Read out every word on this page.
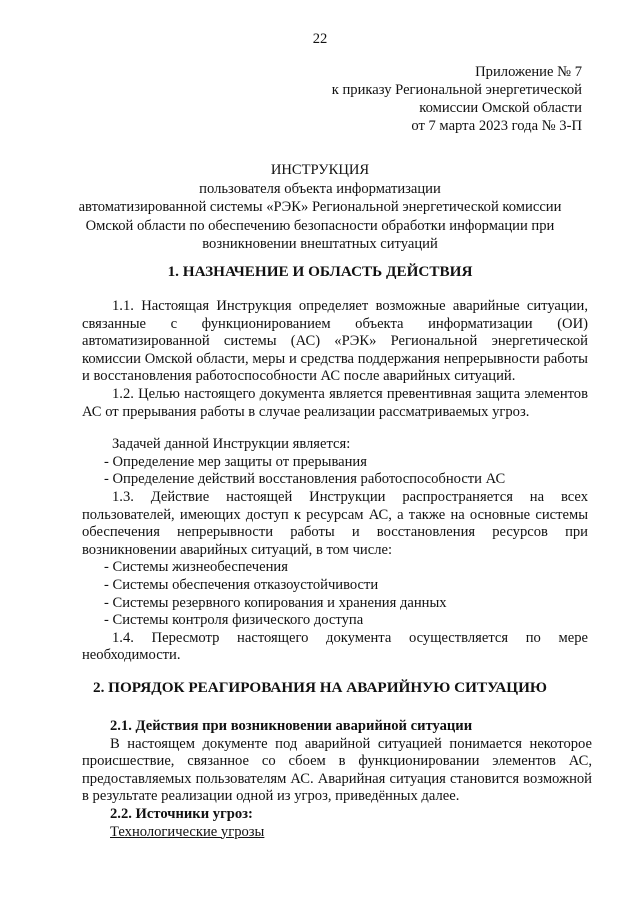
22
Приложение № 7
к приказу Региональной энергетической
комиссии Омской области
от 7 марта 2023 года № 3-П
ИНСТРУКЦИЯ
пользователя объекта информатизации
автоматизированной системы «РЭК» Региональной энергетической комиссии
Омской области по обеспечению безопасности обработки информации при
возникновении внештатных ситуаций
1. НАЗНАЧЕНИЕ И ОБЛАСТЬ ДЕЙСТВИЯ

1.1. Настоящая Инструкция определяет возможные аварийные ситуации, связанные с функционированием объекта информатизации (ОИ) автоматизированной системы (АС) «РЭК» Региональной энергетической комиссии Омской области, меры и средства поддержания непрерывности работы и восстановления работоспособности АС после аварийных ситуаций.

1.2. Целью настоящего документа является превентивная защита элементов АС от прерывания работы в случае реализации рассматриваемых угроз.

Задачей данной Инструкции является:

- Определение мер защиты от прерывания
- Определение действий восстановления работоспособности АС

1.3. Действие настоящей Инструкции распространяется на всех пользователей, имеющих доступ к ресурсам АС, а также на основные системы обеспечения непрерывности работы и восстановления ресурсов при возникновении аварийных ситуаций, в том числе:

- Системы жизнеобеспечения
- Системы обеспечения отказоустойчивости
- Системы резервного копирования и хранения данных
- Системы контроля физического доступа

1.4. Пересмотр настоящего документа осуществляется по мере необходимости.

2. ПОРЯДОК РЕАГИРОВАНИЯ НА АВАРИЙНУЮ СИТУАЦИЮ

2.1. Действия при возникновении аварийной ситуации

В настоящем документе под аварийной ситуацией понимается некоторое происшествие, связанное со сбоем в функционировании элементов АС, предоставляемых пользователям АС. Аварийная ситуация становится возможной в результате реализации одной из угроз, приведённых далее.

2.2. Источники угроз:

Технологические угрозы
